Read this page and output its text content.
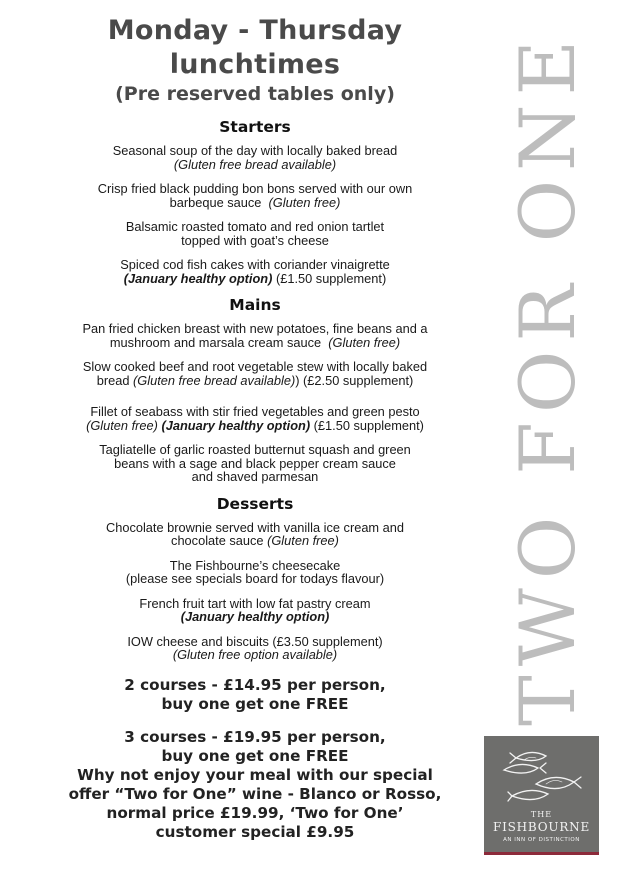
Monday - Thursday lunchtimes

(Pre reserved tables only)

Starters

Seasonal soup of the day with locally baked bread

(Gluten free bread available)

Crisp fried black pudding bon bons served with our own

barbeque sauce (Gluten free)

Balsamic roasted tomato and red onion tartlet

topped with goat’s cheese

Spiced cod fish cakes with coriander vinaigrette

(January healthy option) (£1.50 supplement)

Mains

Pan fried chicken breast with new potatoes, fine beans and a

mushroom and marsala cream sauce (Gluten free)

Slow cooked beef and root vegetable stew with locally baked

bread (Gluten free bread available)) (£2.50 supplement)

Fillet of seabass with stir fried vegetables and green pesto

(Gluten free) (January healthy option) (£1.50 supplement)

Tagliatelle of garlic roasted butternut squash and green

beans with a sage and black pepper cream sauce

and shaved parmesan

Desserts

Chocolate brownie served with vanilla ice cream and

chocolate sauce (Gluten free)

The Fishbourne’s cheesecake

(please see specials board for todays flavour)

French fruit tart with low fat pastry cream

(January healthy option)

IOW cheese and biscuits (£3.50 supplement)

(Gluten free option available)

2 courses - £14.95 per person,

buy one get one FREE

3 courses - £19.95 per person,

buy one get one FREE

Why not enjoy your meal with our special

offer “Two for One” wine - Blanco or Rosso,

normal price £19.99, ‘Two for One’

customer special £9.95

TWO FOR ONE
THE
FISHBOURNE
AN INN OF DISTINCTION
